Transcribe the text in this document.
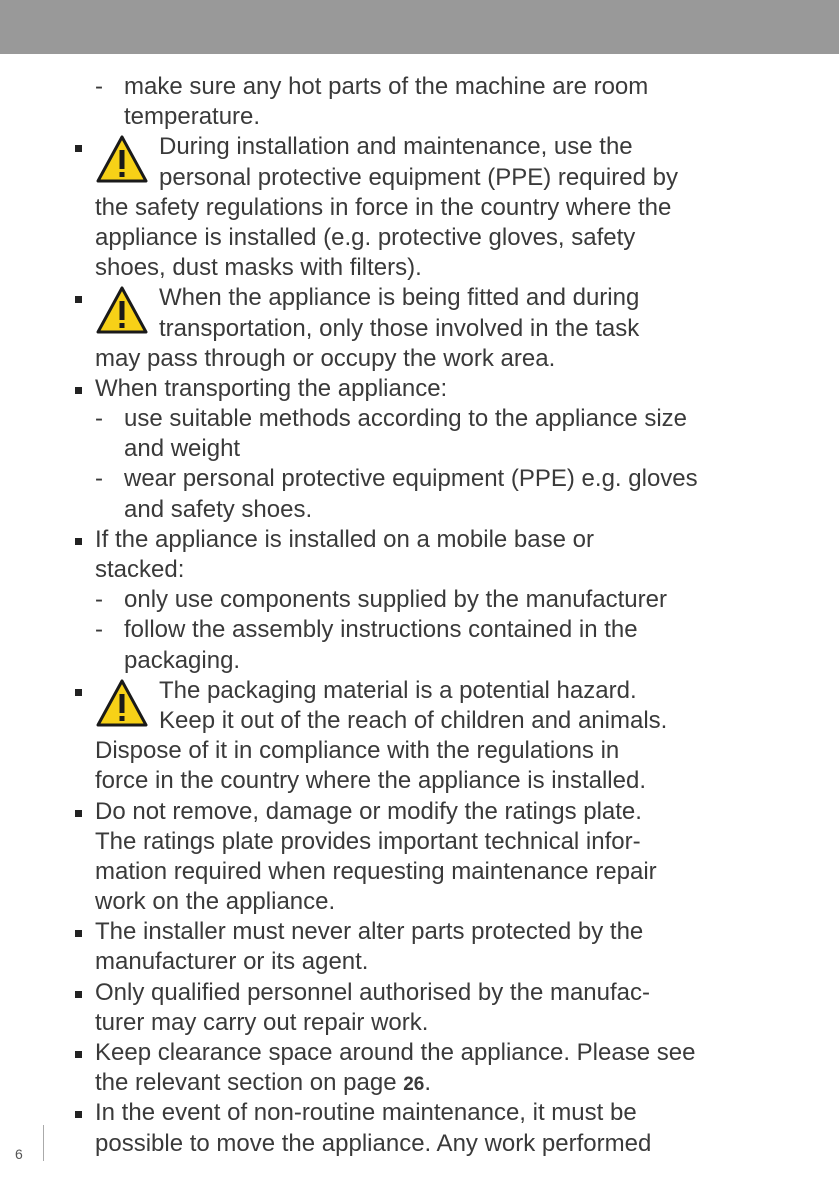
- make sure any hot parts of the machine are room
temperature.
During installation and maintenance, use the
personal protective equipment (PPE) required by
the safety regulations in force in the country where the
appliance is installed (e.g. protective gloves, safety
shoes, dust masks with filters).
When the appliance is being fitted and during
transportation, only those involved in the task
may pass through or occupy the work area.
When transporting the appliance:
- use suitable methods according to the appliance size
and weight
- wear personal protective equipment (PPE) e.g. gloves
and safety shoes.
If the appliance is installed on a mobile base or
stacked:
- only use components supplied by the manufacturer
- follow the assembly instructions contained in the
packaging.
The packaging material is a potential hazard.
Keep it out of the reach of children and animals.
Dispose of it in compliance with the regulations in
force in the country where the appliance is installed.
Do not remove, damage or modify the ratings plate.
The ratings plate provides important technical infor-
mation required when requesting maintenance repair
work on the appliance.
The installer must never alter parts protected by the
manufacturer or its agent.
Only qualified personnel authorised by the manufac-
turer may carry out repair work.
Keep clearance space around the appliance. Please see
the relevant section on page 26.
In the event of non-routine maintenance, it must be
possible to move the appliance. Any work performed
6
